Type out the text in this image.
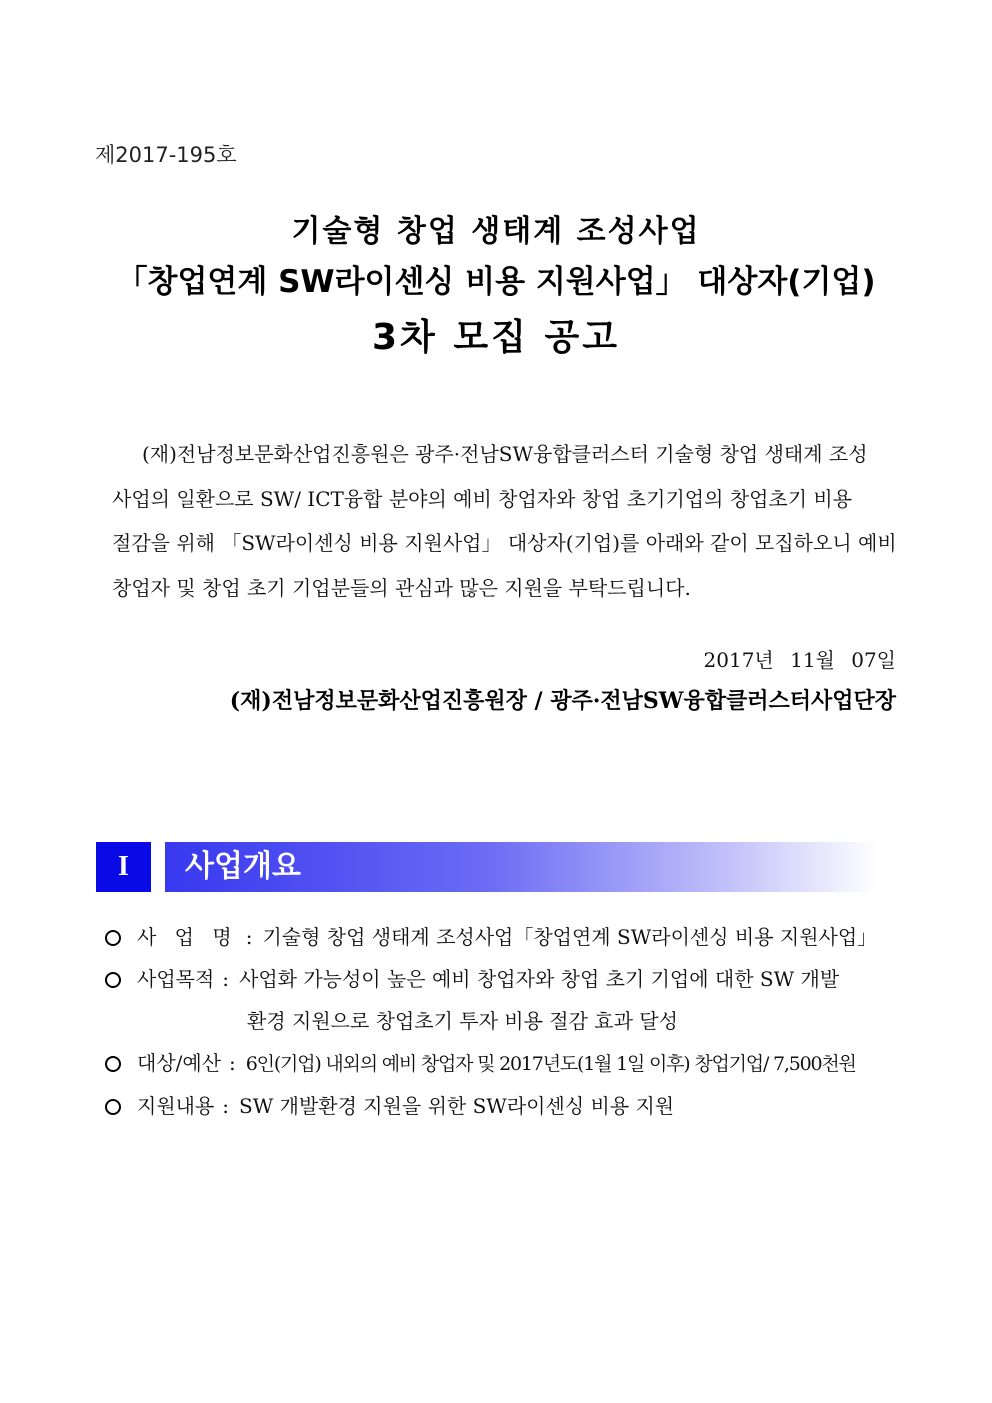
제2017-195호
기술형 창업 생태계 조성사업
「창업연계 SW라이센싱 비용 지원사업」 대상자(기업)
3차 모집 공고

(재)전남정보문화산업진흥원은 광주·전남SW융합클러스터 기술형 창업 생태계 조성

사업의 일환으로 SW/ ICT융합 분야의 예비 창업자와 창업 초기기업의 창업초기 비용

절감을 위해 「SW라이센싱 비용 지원사업」 대상자(기업)를 아래와 같이 모집하오니 예비

창업자 및 창업 초기 기업분들의 관심과 많은 지원을 부탁드립니다.

2017년 11월 07일
(재)전남정보문화산업진흥원장 / 광주·전남SW융합클러스터사업단장
I	사업개요
사 업 명 : 기술형 창업 생태계 조성사업「창업연계 SW라이센싱 비용 지원사업」
사업목적 : 사업화 가능성이 높은 예비 창업자와 창업 초기 기업에 대한 SW 개발
환경 지원으로 창업초기 투자 비용 절감 효과 달성
대상/예산 : 6인(기업) 내외의 예비 창업자 및 2017년도(1월 1일 이후) 창업기업/ 7,500천원
지원내용 : SW 개발환경 지원을 위한 SW라이센싱 비용 지원
